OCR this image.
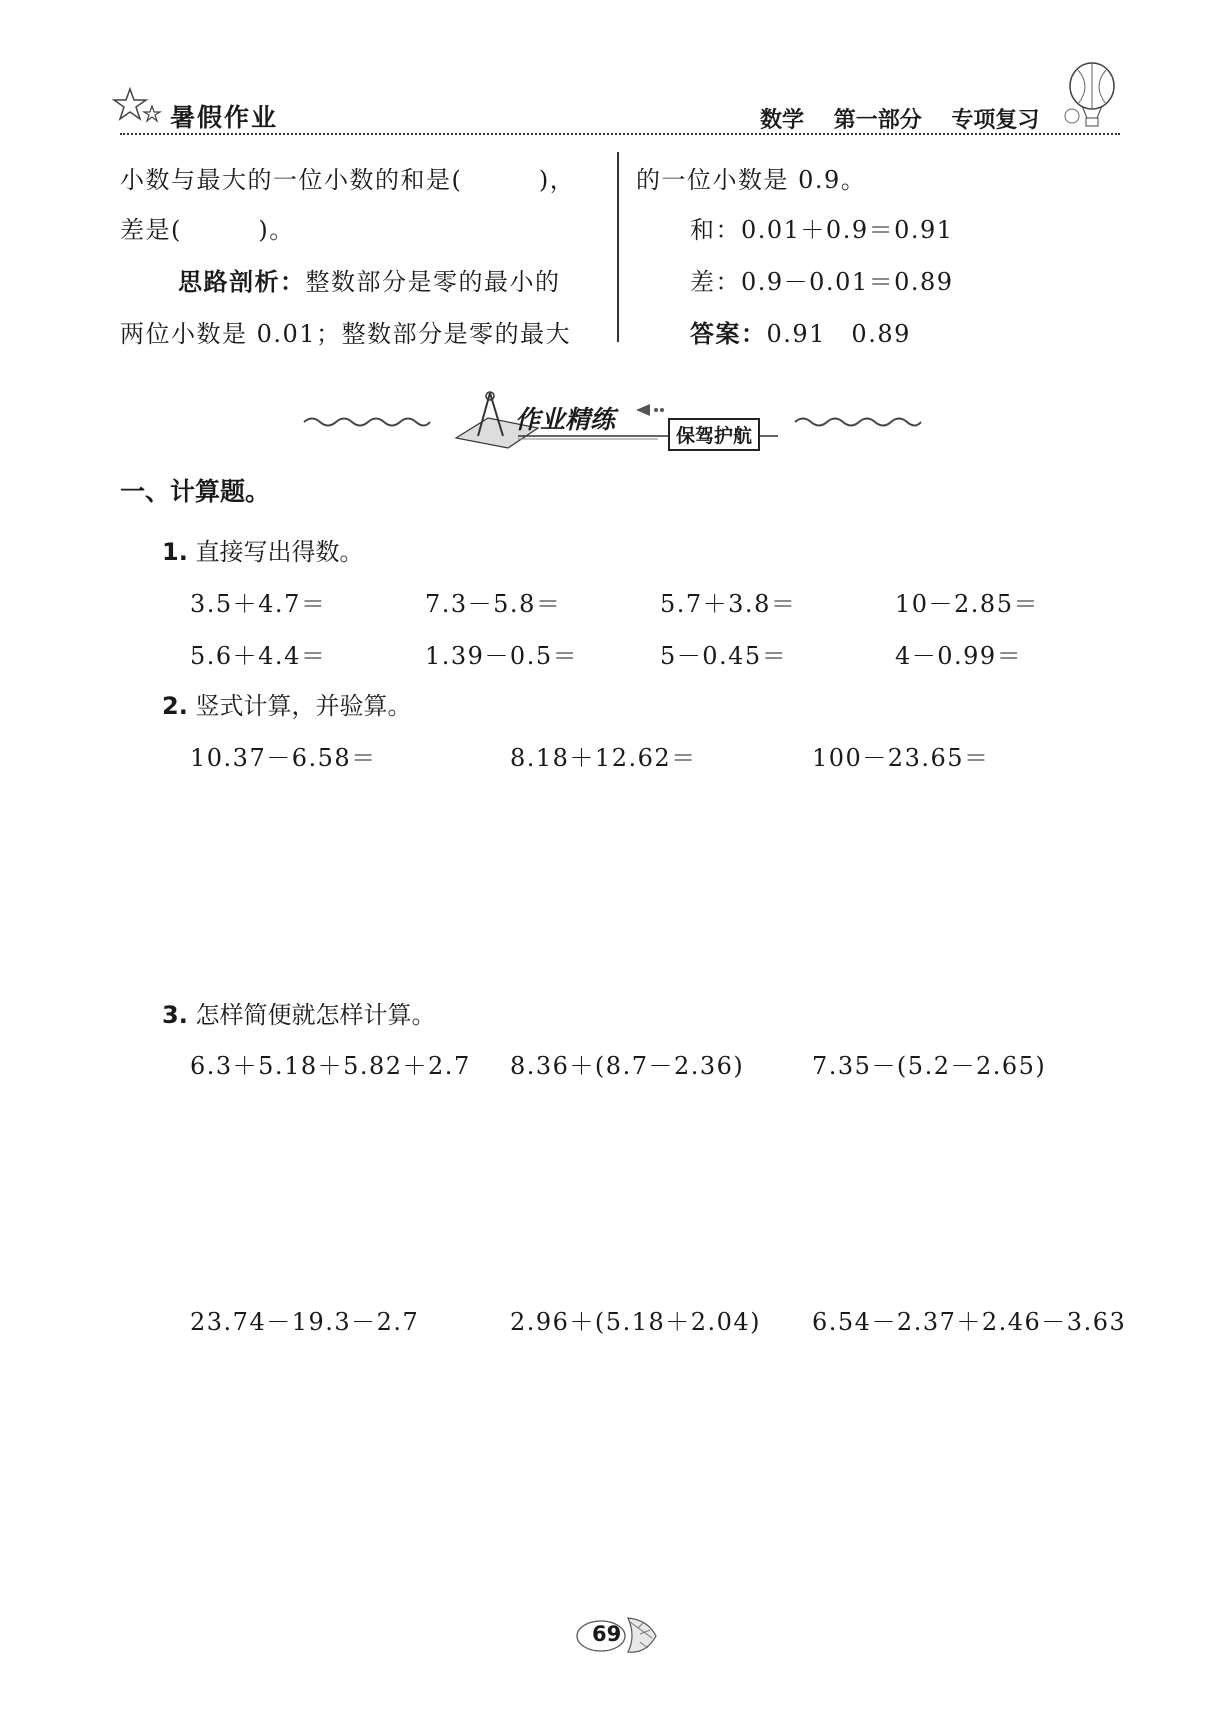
暑假作业	数学 第一部分 专项复习
小数与最大的一位小数的和是(　　　)，
差是(　　　)。
思路剖析：整数部分是零的最小的
两位小数是 0.01；整数部分是零的最大
的一位小数是 0.9。
和：0.01＋0.9＝0.91
差：0.9－0.01＝0.89
答案：0.91　0.89
作业精练
保驾护航
一、计算题。
1. 直接写出得数。
3.5＋4.7＝	7.3－5.8＝	5.7＋3.8＝	10－2.85＝
5.6＋4.4＝	1.39－0.5＝	5－0.45＝	4－0.99＝
2. 竖式计算，并验算。
10.37－6.58＝	8.18＋12.62＝	100－23.65＝
3. 怎样简便就怎样计算。
6.3＋5.18＋5.82＋2.7 8.36＋(8.7－2.36)	7.35－(5.2－2.65)
23.74－19.3－2.7	2.96＋(5.18＋2.04) 6.54－2.37＋2.46－3.63
69
